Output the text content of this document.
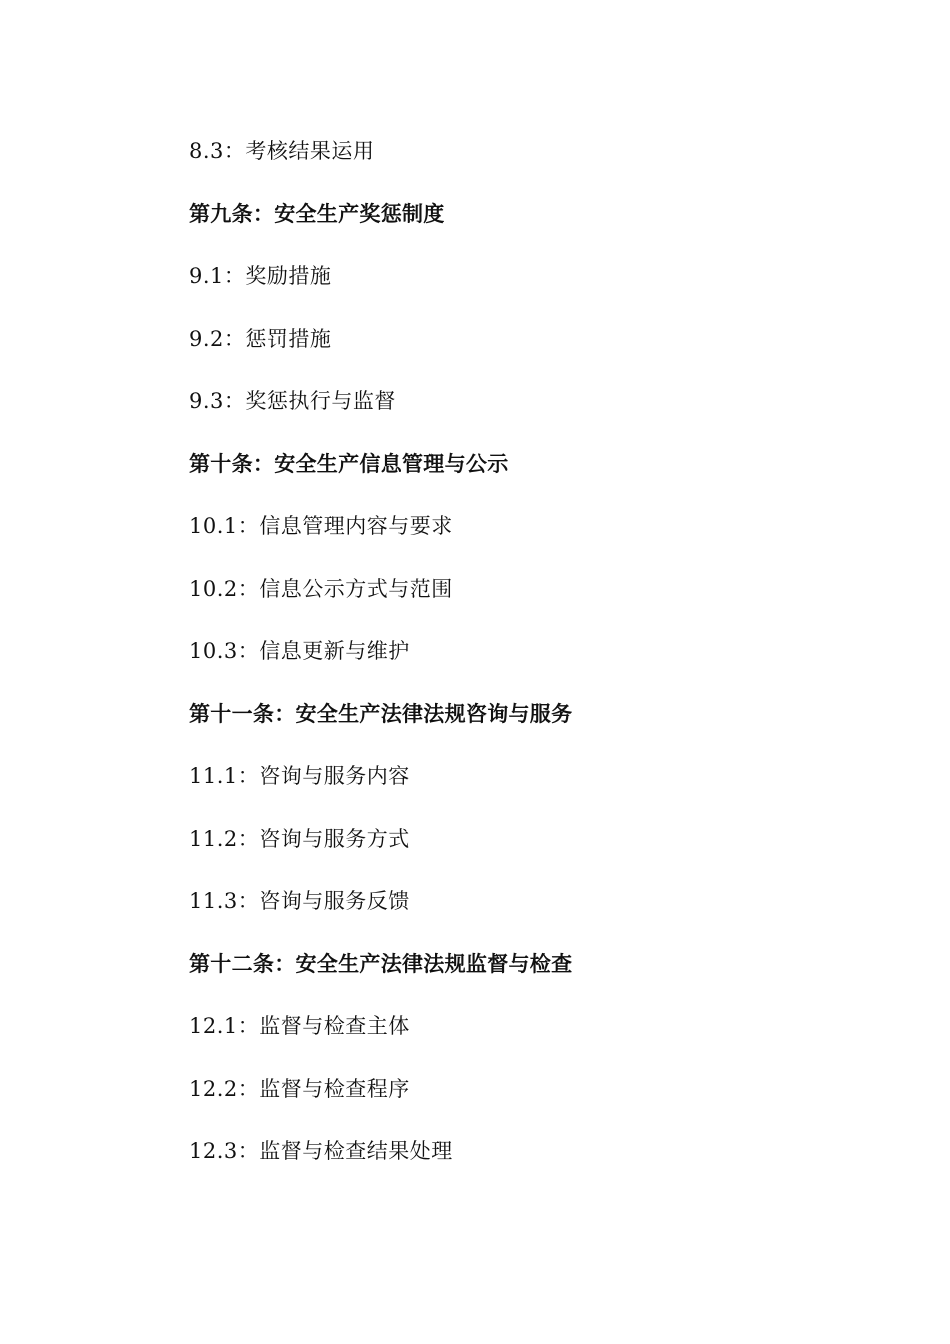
8.3：考核结果运用
第九条：安全生产奖惩制度
9.1：奖励措施
9.2：惩罚措施
9.3：奖惩执行与监督
第十条：安全生产信息管理与公示
10.1：信息管理内容与要求
10.2：信息公示方式与范围
10.3：信息更新与维护
第十一条：安全生产法律法规咨询与服务
11.1：咨询与服务内容
11.2：咨询与服务方式
11.3：咨询与服务反馈
第十二条：安全生产法律法规监督与检查
12.1：监督与检查主体
12.2：监督与检查程序
12.3：监督与检查结果处理
